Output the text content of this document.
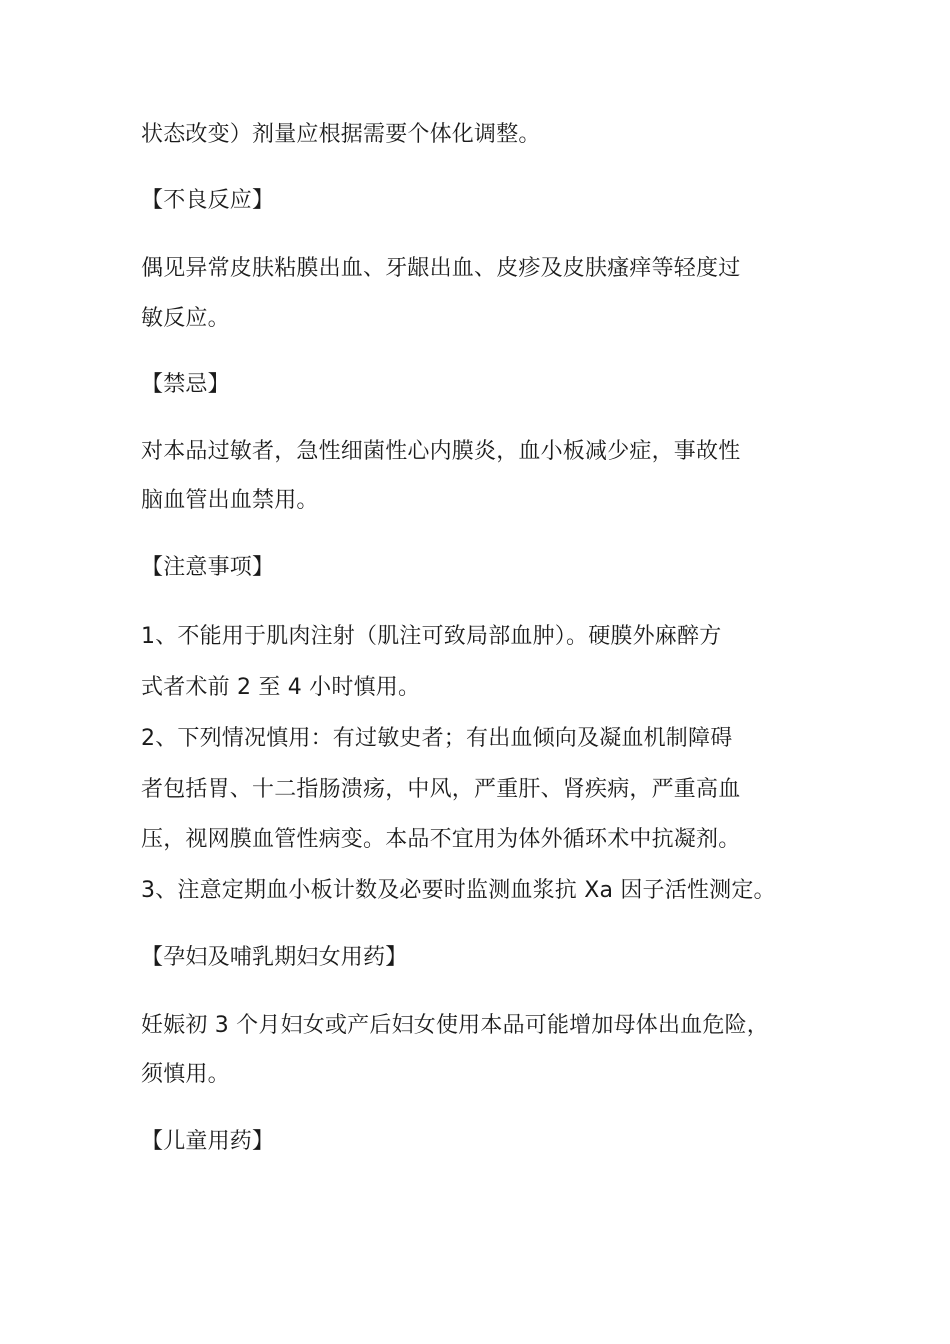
状态改变）剂量应根据需要个体化调整。
【不良反应】
偶见异常皮肤粘膜出血、牙龈出血、皮疹及皮肤瘙痒等轻度过
敏反应。
【禁忌】
对本品过敏者，急性细菌性心内膜炎，血小板减少症，事故性
脑血管出血禁用。
【注意事项】
1、不能用于肌肉注射（肌注可致局部血肿）。硬膜外麻醉方
式者术前 2 至 4 小时慎用。
2、下列情况慎用：有过敏史者；有出血倾向及凝血机制障碍
者包括胃、十二指肠溃疡，中风，严重肝、肾疾病，严重高血
压，视网膜血管性病变。本品不宜用为体外循环术中抗凝剂。
3、注意定期血小板计数及必要时监测血浆抗 Xa 因子活性测定。
【孕妇及哺乳期妇女用药】
妊娠初 3 个月妇女或产后妇女使用本品可能增加母体出血危险，
须慎用。
【儿童用药】
